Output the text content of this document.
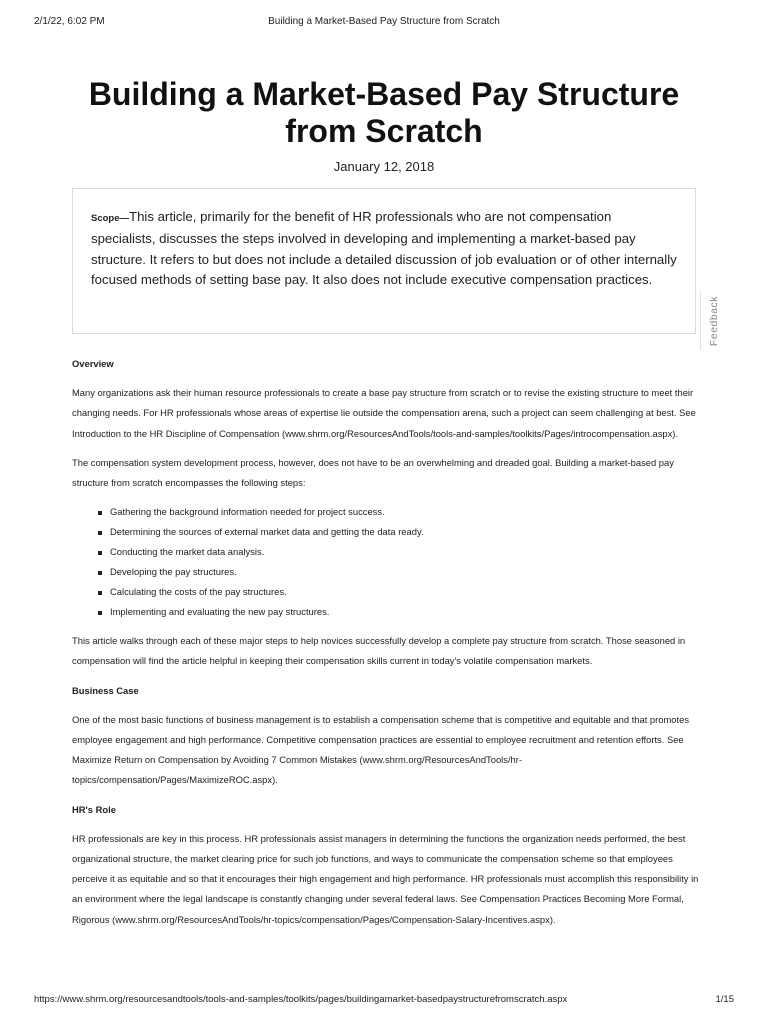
2/1/22, 6:02 PM	Building a Market-Based Pay Structure from Scratch
Building a Market-Based Pay Structure
from Scratch
January 12, 2018
Scope—This article, primarily for the benefit of HR professionals who are not compensation specialists, discusses the steps involved in developing and implementing a market-based pay structure. It refers to but does not include a detailed discussion of job evaluation or of other internally focused methods of setting base pay. It also does not include executive compensation practices.
Feedback
Overview

Many organizations ask their human resource professionals to create a base pay structure from scratch or to revise the existing structure to meet their changing needs. For HR professionals whose areas of expertise lie outside the compensation arena, such a project can seem challenging at best. See Introduction to the HR Discipline of Compensation (www.shrm.org/ResourcesAndTools/tools-and-samples/toolkits/Pages/introcompensation.aspx).

The compensation system development process, however, does not have to be an overwhelming and dreaded goal. Building a market-based pay structure from scratch encompasses the following steps:

Gathering the background information needed for project success.
Determining the sources of external market data and getting the data ready.
Conducting the market data analysis.
Developing the pay structures.
Calculating the costs of the pay structures.
Implementing and evaluating the new pay structures.

This article walks through each of these major steps to help novices successfully develop a complete pay structure from scratch. Those seasoned in compensation will find the article helpful in keeping their compensation skills current in today's volatile compensation markets.

Business Case

One of the most basic functions of business management is to establish a compensation scheme that is competitive and equitable and that promotes employee engagement and high performance. Competitive compensation practices are essential to employee recruitment and retention efforts. See Maximize Return on Compensation by Avoiding 7 Common Mistakes (www.shrm.org/ResourcesAndTools/hr-topics/compensation/Pages/MaximizeROC.aspx).

HR's Role

HR professionals are key in this process. HR professionals assist managers in determining the functions the organization needs performed, the best organizational structure, the market clearing price for such job functions, and ways to communicate the compensation scheme so that employees perceive it as equitable and so that it encourages their high engagement and high performance. HR professionals must accomplish this responsibility in an environment where the legal landscape is constantly changing under several federal laws. See Compensation Practices Becoming More Formal, Rigorous (www.shrm.org/ResourcesAndTools/hr-topics/compensation/Pages/Compensation-Salary-Incentives.aspx).

https://www.shrm.org/resourcesandtools/tools-and-samples/toolkits/pages/buildingamarket-basedpaystructurefromscratch.aspx	1/15
